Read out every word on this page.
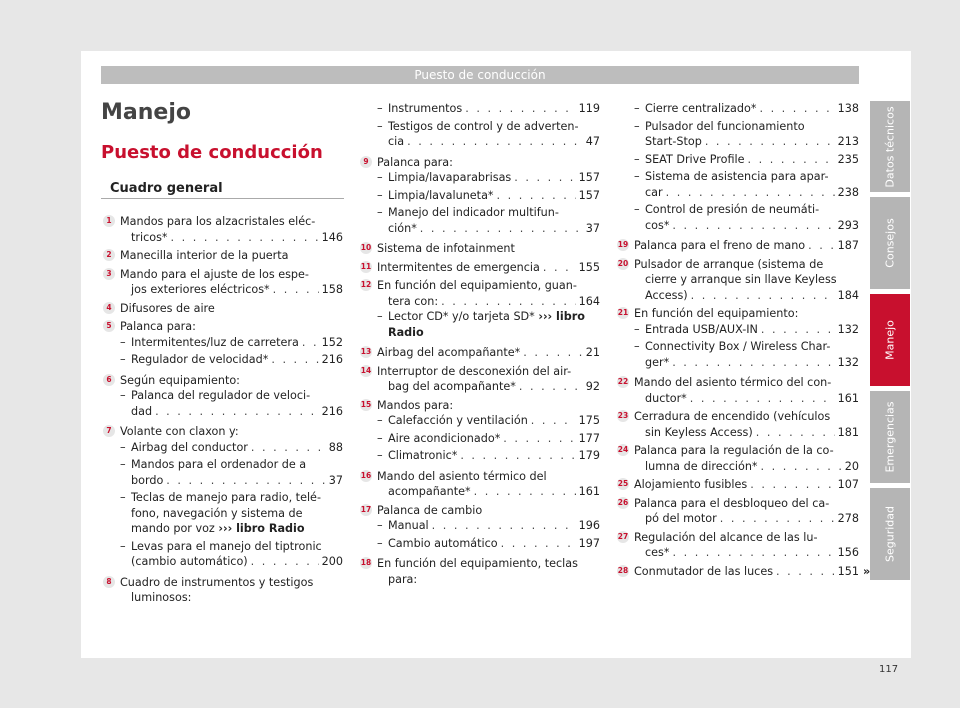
Puesto de conducción
Manejo
Puesto de conducción
Cuadro general
1 Mandos para los alzacristales eléc-
tricos* . . .	146
2 Manecilla interior de la puerta
3 Mando para el ajuste de los espe-
jos exteriores eléctricos* . . .	158
4 Difusores de aire
5 Palanca para:
– Intermitentes/luz de carretera . . . 152
– Regulador de velocidad* . . .	216
6 Según equipamiento:
– Palanca del regulador de veloci-
dad . . .	216
7 Volante con claxon y:
– Airbag del conductor . . .	88
– Mandos para el ordenador de a
bordo . . .	37
– Teclas de manejo para radio, telé-
fono, navegación y sistema de
mando por voz ››› libro Radio
– Levas para el manejo del tiptronic
(cambio automático) . . .	200
8 Cuadro de instrumentos y testigos
luminosos:
– Instrumentos . . .	119
– Testigos de control y de adverten-
cia . . .	47
9 Palanca para:
– Limpia/lavaparabrisas . . .	157
– Limpia/lavaluneta* . . .	157
– Manejo del indicador multifun-
ción* . . .	37
10 Sistema de infotainment
11 Intermitentes de emergencia . . .	155
12 En función del equipamiento, guan-
tera con: . . .	164
– Lector CD* y/o tarjeta SD* ››› libro
Radio
13 Airbag del acompañante* . . .	21
14 Interruptor de desconexión del air-
bag del acompañante* . . .	92
15 Mandos para:
– Calefacción y ventilación . . .	175
– Aire acondicionado* . . .	177
– Climatronic* . . .	179
16 Mando del asiento térmico del
acompañante* . . .	161
17 Palanca de cambio
– Manual . . .	196
– Cambio automático . . .	197
18 En función del equipamiento, teclas
para:
– Cierre centralizado* . . .	138
– Pulsador del funcionamiento
Start-Stop . . .	213
– SEAT Drive Profile . . .	235
– Sistema de asistencia para apar-
car . . .	238
– Control de presión de neumáti-
cos* . . .	293
19 Palanca para el freno de mano . . .	187
20 Pulsador de arranque (sistema de
cierre y arranque sin llave Keyless
Access) . . .	184
21 En función del equipamiento:
– Entrada USB/AUX-IN . . .	132
– Connectivity Box / Wireless Char-
ger* . . .	132
22 Mando del asiento térmico del con-
ductor* . . .	161
23 Cerradura de encendido (vehículos
sin Keyless Access) . . .	181
24 Palanca para la regulación de la co-
lumna de dirección* . . .	20
25 Alojamiento fusibles . . .	107
26 Palanca para el desbloqueo del ca-
pó del motor . . .	278
27 Regulación del alcance de las lu-
ces* . . .	156
28 Conmutador de las luces . . .	151 »
Datos técnicos
Consejos
Manejo
Emergencias
Seguridad
117
